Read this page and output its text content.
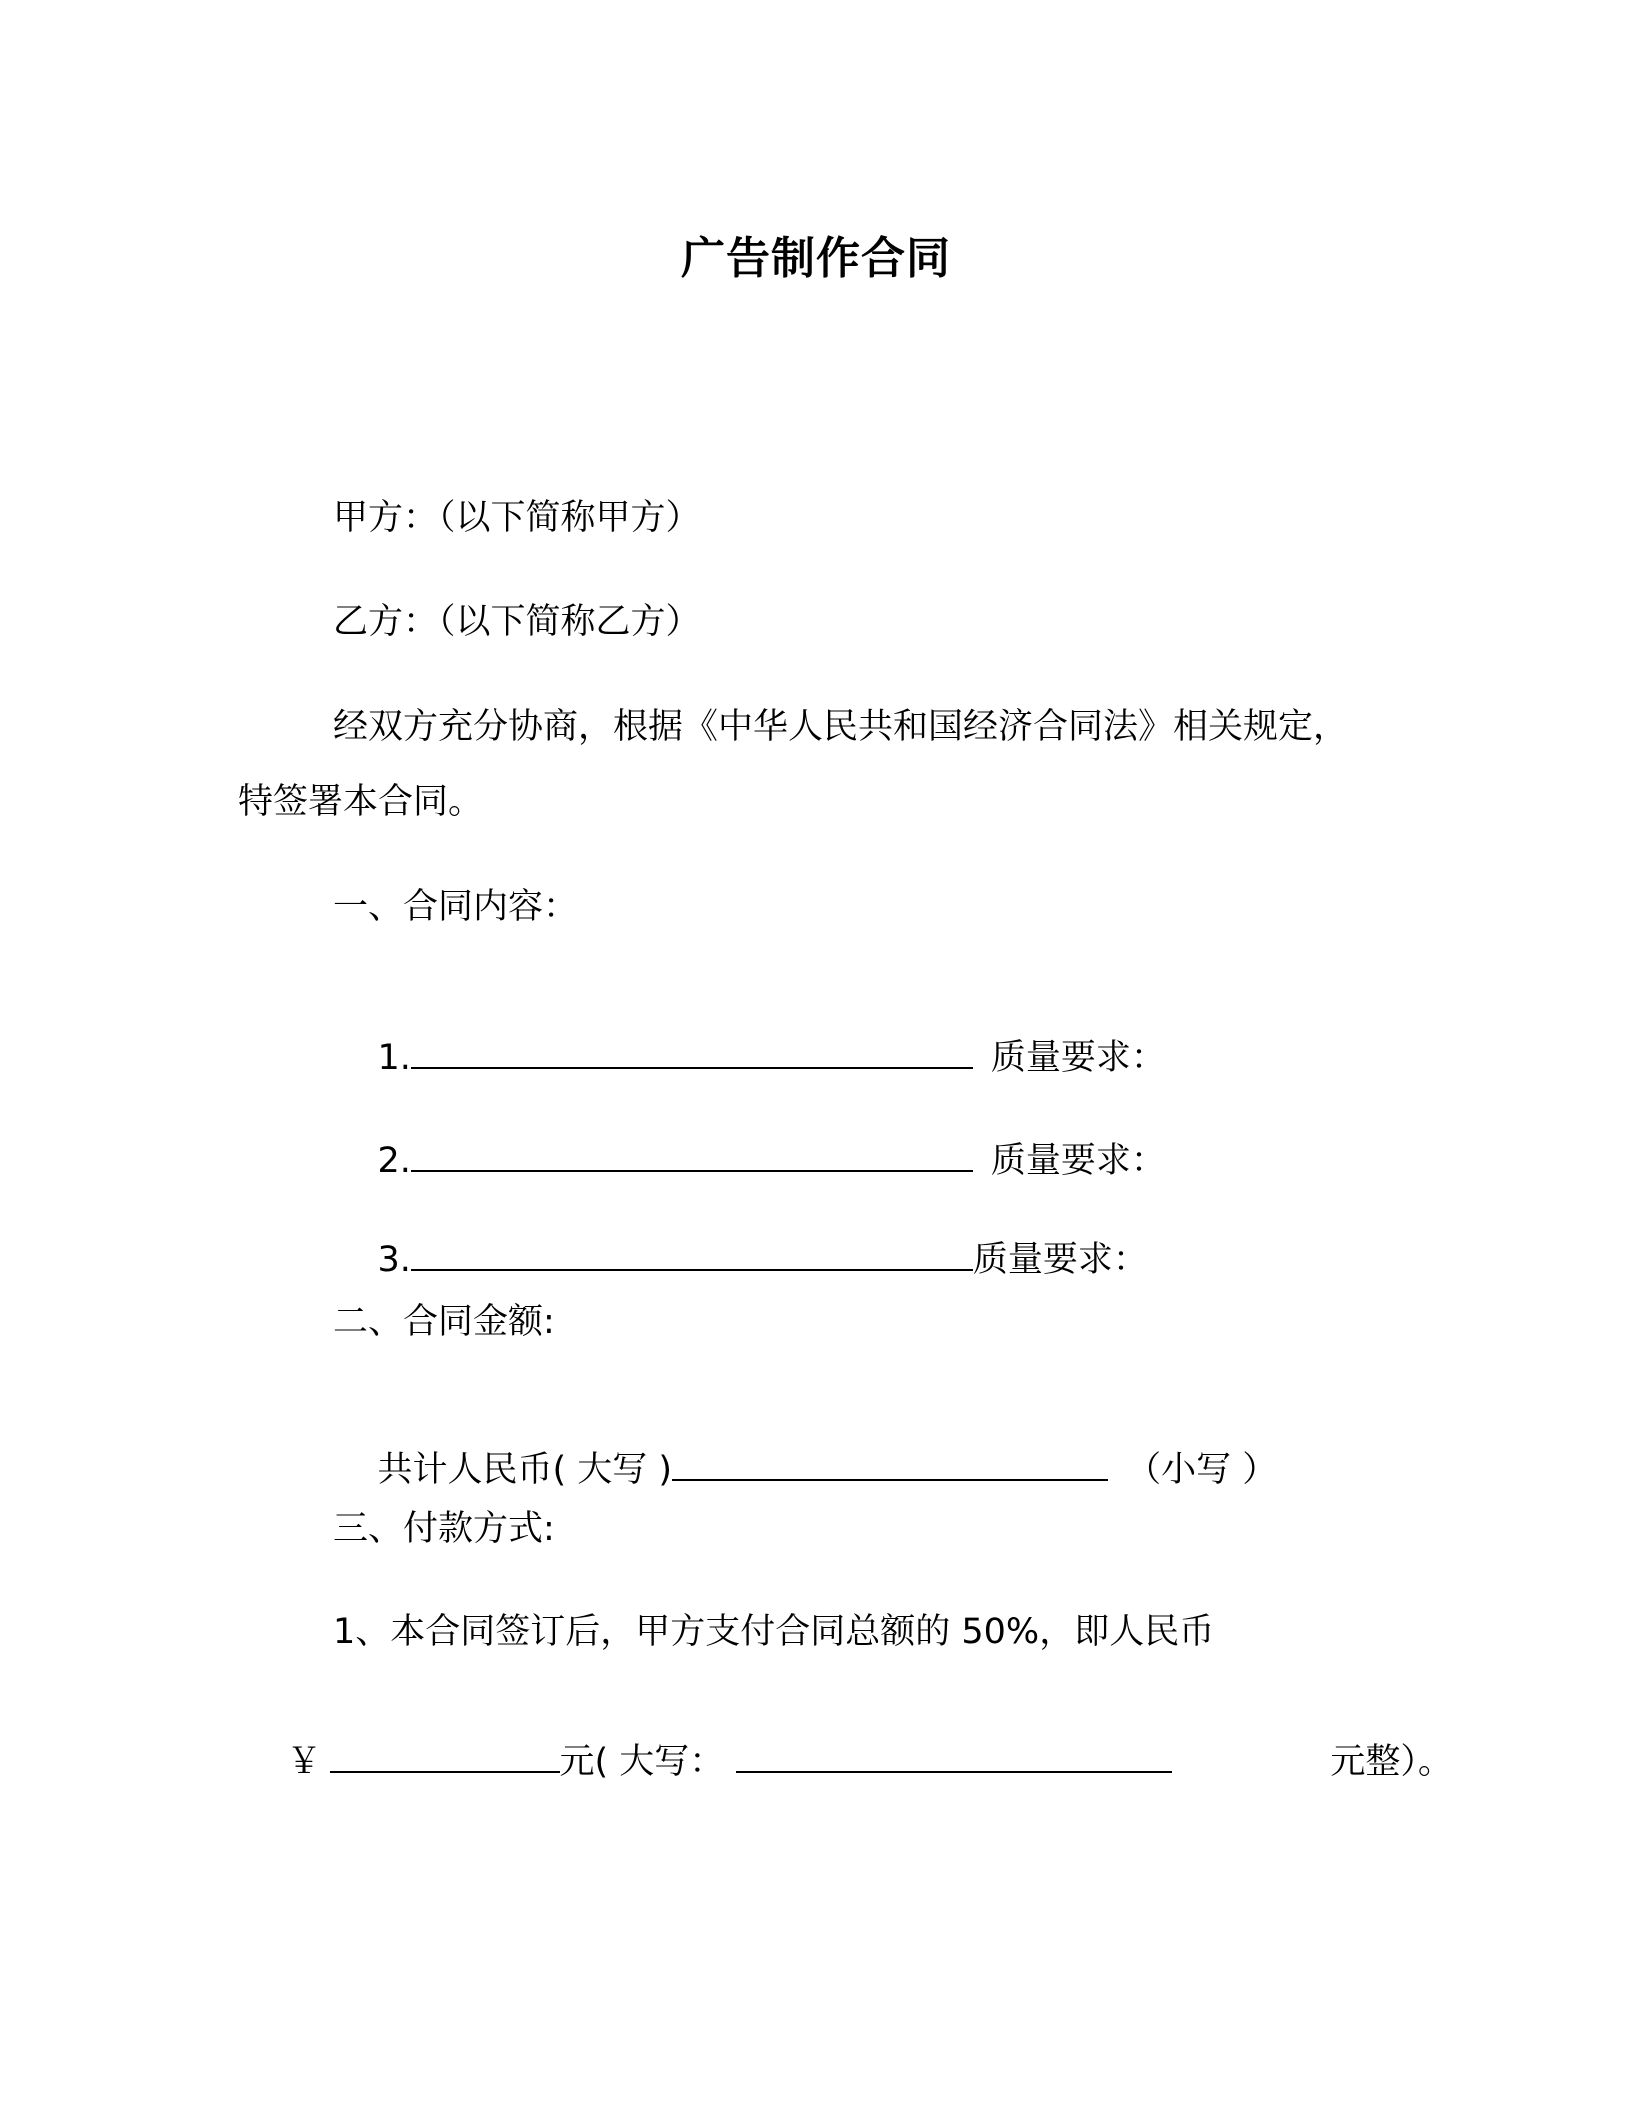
广告制作合同
甲方：（以下简称甲方）
乙方：（以下简称乙方）
经双方充分协商，根据《中华人民共和国经济合同法》相关规定，
特签署本合同。
一、合同内容：

1.	质量要求：

2.	质量要求：

3.	质量要求：

二、合同金额:

共计人民币( 大写 )	（小写 ）

三、付款方式:
1、本合同签订后，甲方支付合同总额的 50%，即人民币

￥	元( 大写：	元整）。
